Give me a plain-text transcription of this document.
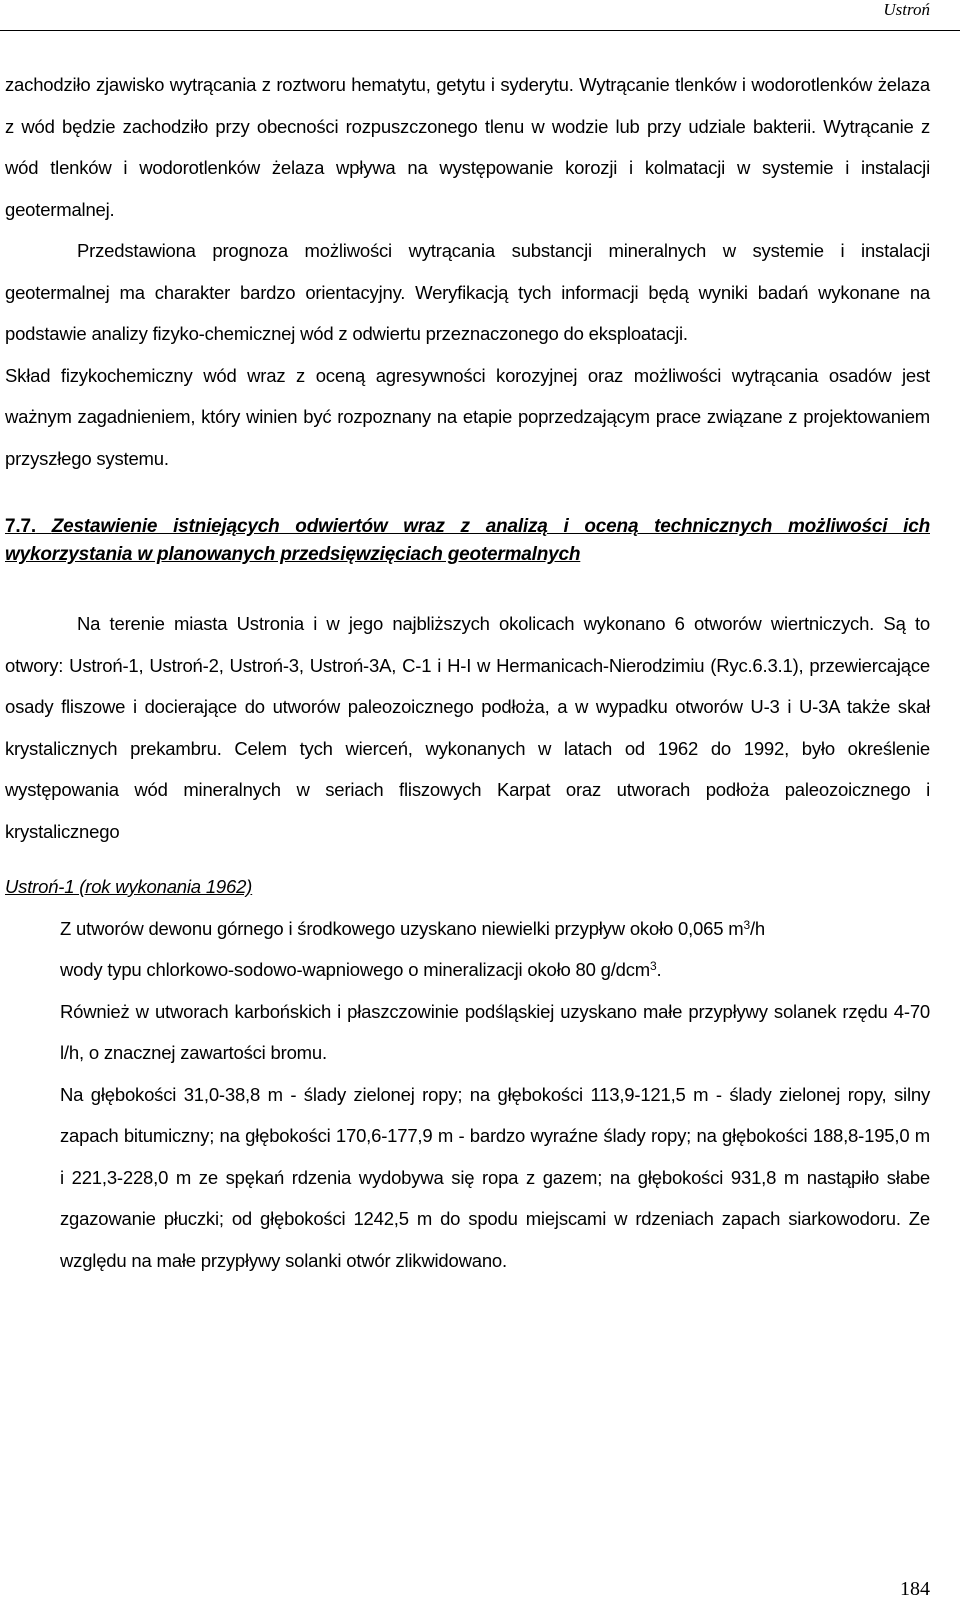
Ustroń

zachodziło zjawisko wytrącania z roztworu hematytu, getytu i syderytu. Wytrącanie tlenków i wodorotlenków żelaza z wód będzie zachodziło przy obecności rozpuszczonego tlenu w wodzie lub przy udziale bakterii. Wytrącanie z wód tlenków i wodorotlenków żelaza wpływa na występowanie korozji i kolmatacji w systemie i instalacji geotermalnej.

Przedstawiona prognoza możliwości wytrącania substancji mineralnych w systemie i instalacji geotermalnej ma charakter bardzo orientacyjny. Weryfikacją tych informacji będą wyniki badań wykonane na podstawie analizy fizyko-chemicznej wód z odwiertu przeznaczonego do eksploatacji.

Skład fizykochemiczny wód wraz z oceną agresywności korozyjnej oraz możliwości wytrącania osadów jest ważnym zagadnieniem, który winien być rozpoznany na etapie poprzedzającym prace związane z projektowaniem przyszłego systemu.

7.7. Zestawienie istniejących odwiertów wraz z analizą i oceną technicznych możliwości ich wykorzystania w planowanych przedsięwzięciach geotermalnych

Na terenie miasta Ustronia i w jego najbliższych okolicach wykonano 6 otworów wiertniczych. Są to otwory: Ustroń-1, Ustroń-2, Ustroń-3, Ustroń-3A, C-1 i H-I w Hermanicach-Nierodzimiu (Ryc.6.3.1), przewiercające osady fliszowe i docierające do utworów paleozoicznego podłoża, a w wypadku otworów U-3 i U-3A także skał krystalicznych prekambru. Celem tych wierceń, wykonanych w latach od 1962 do 1992, było określenie występowania wód mineralnych w seriach fliszowych Karpat oraz utworach podłoża paleozoicznego i krystalicznego

Ustroń-1 (rok wykonania 1962)
Z utworów dewonu górnego i środkowego uzyskano niewielki przypływ około 0,065 $m^3/h$
wody typu chlorkowo-sodowo-wapniowego o mineralizacji około 80 g/dcm$^3$.

Również w utworach karbońskich i płaszczowinie podśląskiej uzyskano małe przypływy solanek rzędu 4-70 l/h, o znacznej zawartości bromu.

Na głębokości 31,0-38,8 m - ślady zielonej ropy; na głębokości 113,9-121,5 m - ślady zielonej ropy, silny zapach bitumiczny; na głębokości 170,6-177,9 m - bardzo wyraźne ślady ropy; na głębokości 188,8-195,0 m i 221,3-228,0 m ze spękań rdzenia wydobywa się ropa z gazem; na głębokości 931,8 m nastąpiło słabe zgazowanie płuczki; od głębokości 1242,5 m do spodu miejscami w rdzeniach zapach siarkowodoru. Ze względu na małe przypływy solanki otwór zlikwidowano.

184
